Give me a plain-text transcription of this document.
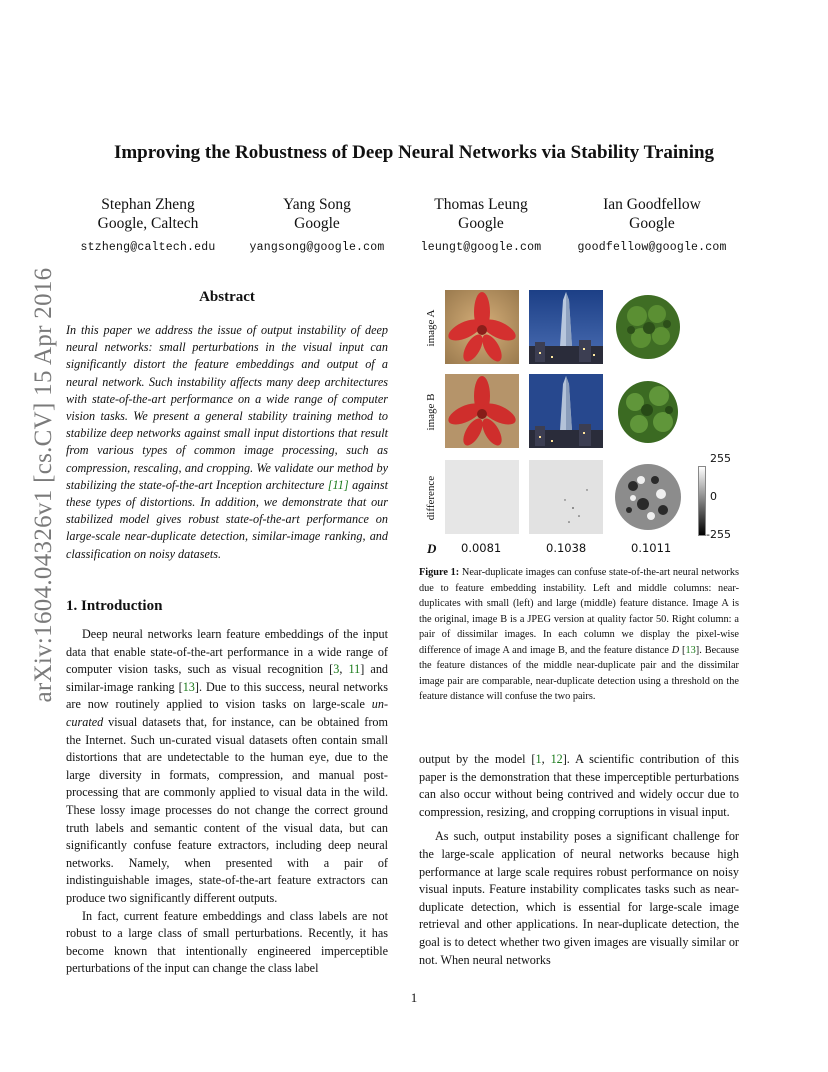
arXiv:1604.04326v1 [cs.CV] 15 Apr 2016
Improving the Robustness of Deep Neural Networks via Stability Training
Stephan Zheng
Google, Caltech
stzheng@caltech.edu
Yang Song
Google
yangsong@google.com
Thomas Leung
Google
leungt@google.com
Ian Goodfellow
Google
goodfellow@google.com
Abstract
In this paper we address the issue of output instability of deep neural networks: small perturbations in the visual input can significantly distort the feature embeddings and output of a neural network. Such instability affects many deep architectures with state-of-the-art performance on a wide range of computer vision tasks. We present a general stability training method to stabilize deep networks against small input distortions that result from various types of common image processing, such as compression, rescaling, and cropping. We validate our method by stabilizing the state-of-the-art Inception architecture [11] against these types of distortions. In addition, we demonstrate that our stabilized model gives robust state-of-the-art performance on large-scale near-duplicate detection, similar-image ranking, and classification on noisy datasets.
1. Introduction

Deep neural networks learn feature embeddings of the input data that enable state-of-the-art performance in a wide range of computer vision tasks, such as visual recognition [3, 11] and similar-image ranking [13]. Due to this success, neural networks are now routinely applied to vision tasks on large-scale un-curated visual datasets that, for instance, can be obtained from the Internet. Such un-curated visual datasets often contain small distortions that are undetectable to the human eye, due to the large diversity in formats, compression, and manual post-processing that are commonly applied to visual data in the wild. These lossy image processes do not change the correct ground truth labels and semantic content of the visual data, but can significantly confuse feature extractors, including deep neural networks. Namely, when presented with a pair of indistinguishable images, state-of-the-art feature extractors can produce two significantly different outputs.

In fact, current feature embeddings and class labels are not robust to a large class of small perturbations. Recently, it has become known that intentionally engineered imperceptible perturbations of the input can change the class label

image A
image B
difference
255
0
-255
D 0.0081	0.1038	0.1011
Figure 1: Near-duplicate images can confuse state-of-the-art neural networks due to feature embedding instability. Left and middle columns: near-duplicates with small (left) and large (middle) feature distance. Image A is the original, image B is a JPEG version at quality factor 50. Right column: a pair of dissimilar images. In each column we display the pixel-wise difference of image A and image B, and the feature distance D [13]. Because the feature distances of the middle near-duplicate pair and the dissimilar image pair are comparable, near-duplicate detection using a threshold on the feature distance will confuse the two pairs.

output by the model [1, 12]. A scientific contribution of this paper is the demonstration that these imperceptible perturbations can also occur without being contrived and widely occur due to compression, resizing, and cropping corruptions in visual input.

As such, output instability poses a significant challenge for the large-scale application of neural networks because high performance at large scale requires robust performance on noisy visual inputs. Feature instability complicates tasks such as near-duplicate detection, which is essential for large-scale image retrieval and other applications. In near-duplicate detection, the goal is to detect whether two given images are visually similar or not. When neural networks

1
